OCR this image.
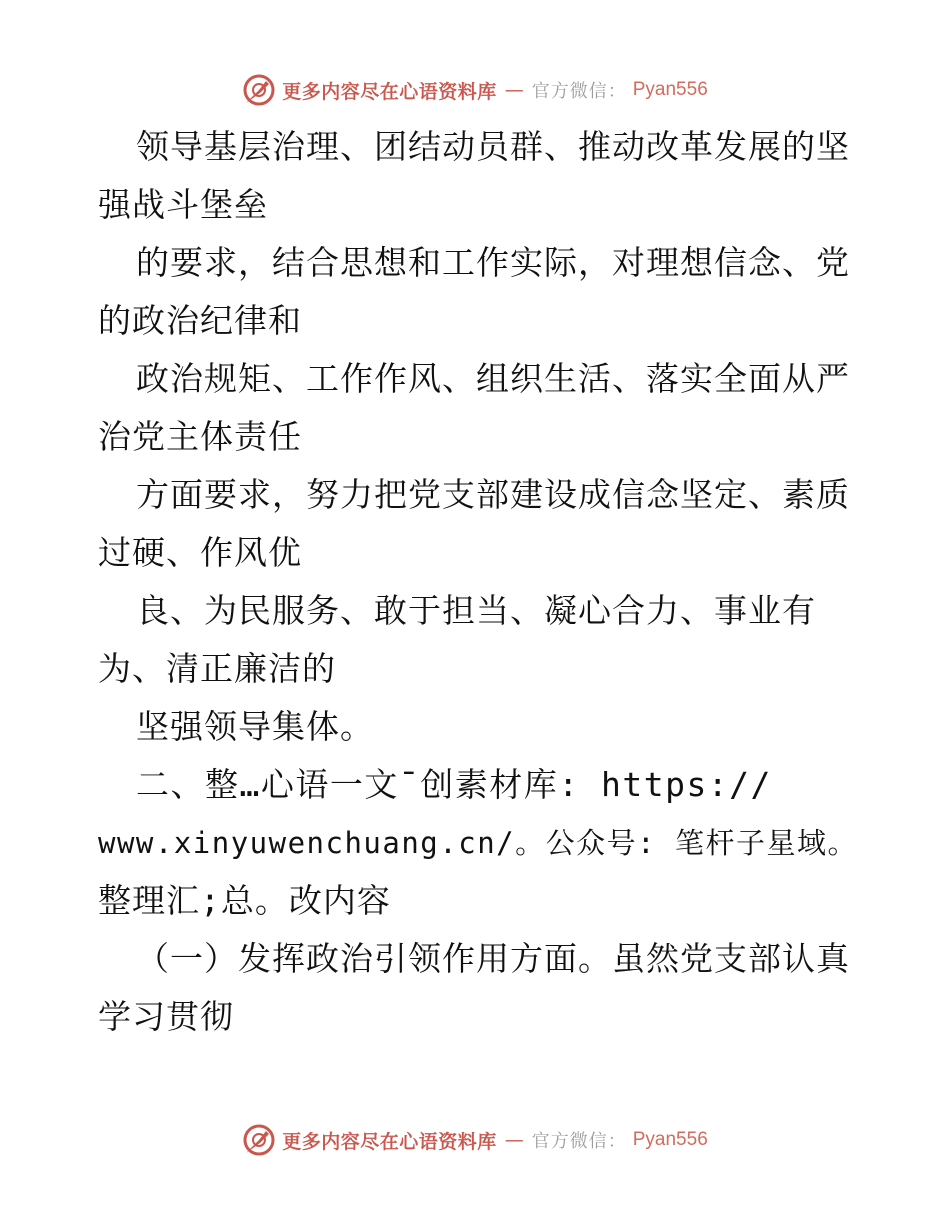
更多内容尽在心语资料库 — 官方微信： Pyan556
领导基层治理、团结动员群、推动改革发展的坚
强战斗堡垒
的要求，结合思想和工作实际，对理想信念、党
的政治纪律和
政治规矩、工作作风、组织生活、落实全面从严
治党主体责任
方面要求，努力把党支部建设成信念坚定、素质
过硬、作风优
良、为民服务、敢于担当、凝心合力、事业有
为、清正廉洁的
坚强领导集体。
二、整…心语一文¯创素材库: https://
www.xinyuwenchuang.cn/。公众号: 笔杆子星域。
整理汇;总。改内容
（一）发挥政治引领作用方面。虽然党支部认真
学习贯彻
更多内容尽在心语资料库 — 官方微信： Pyan556
